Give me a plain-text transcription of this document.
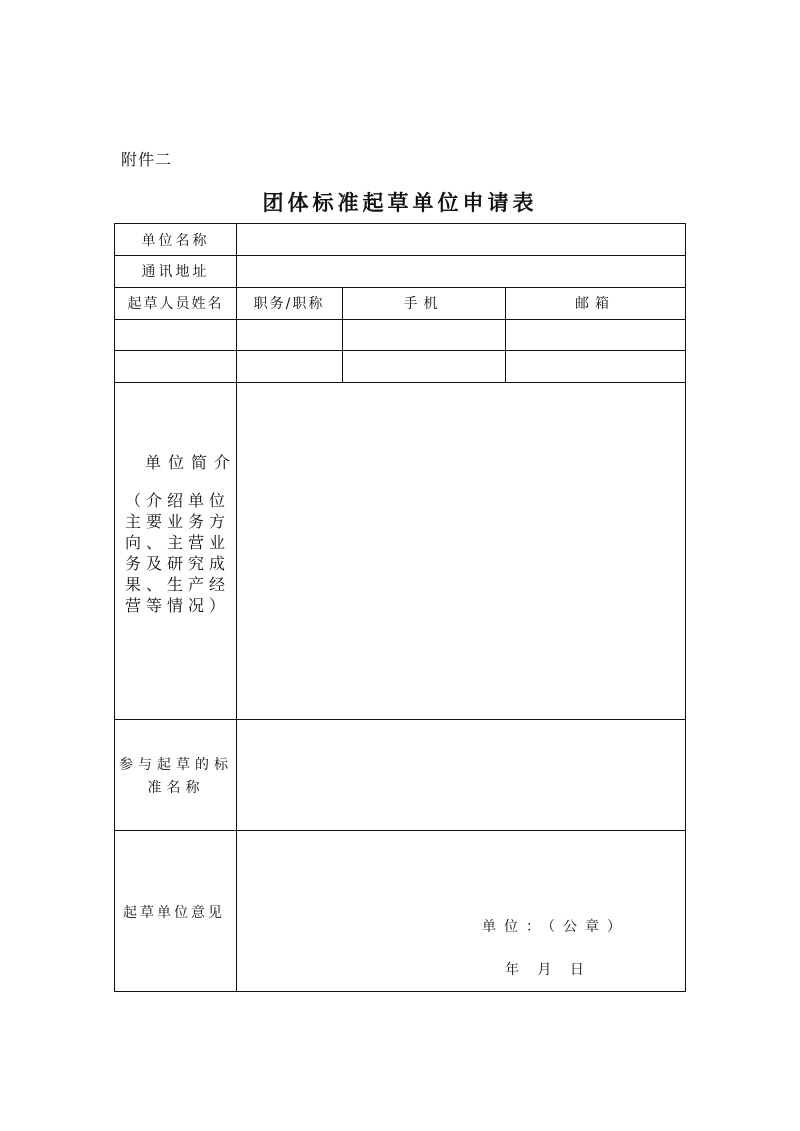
附件二
团体标准起草单位申请表
单位名称
通讯地址
起草人员姓名	职务/职称	手机	邮箱
单位简介
（介绍单位主要业务方向、主营业务及研究成果、生产经营等情况）
参与起草的标准名称
起草单位意见
单位：（公章）
年 月 日
